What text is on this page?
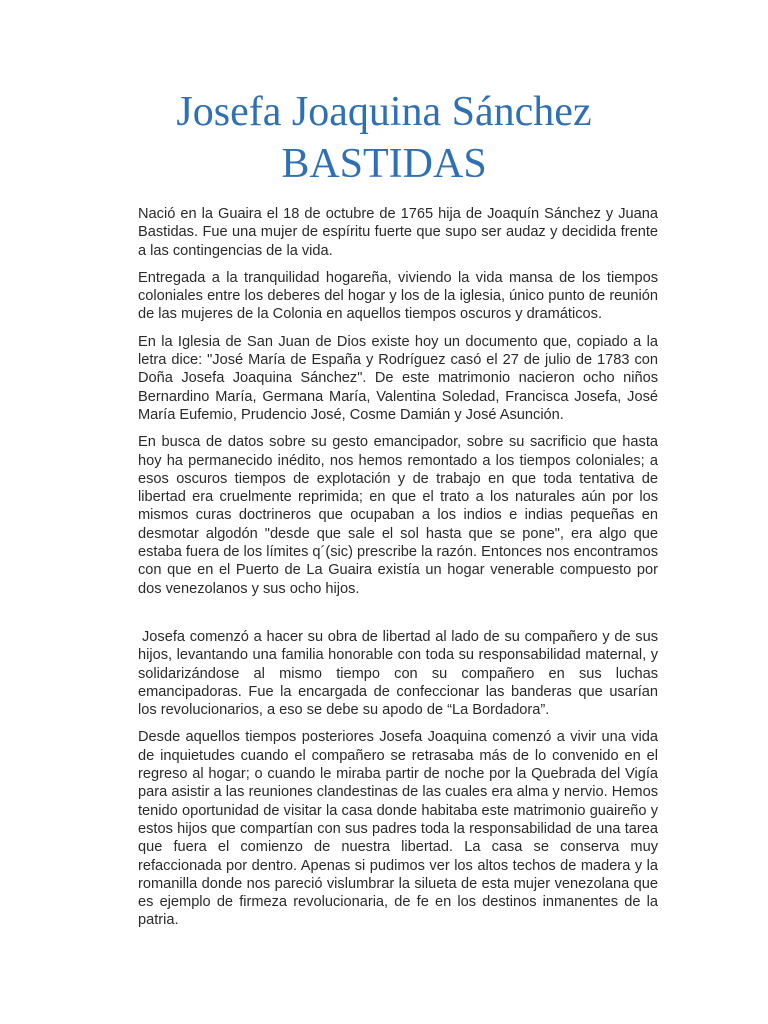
Josefa Joaquina Sánchez
BASTIDAS

Nació en la Guaira el 18 de octubre de 1765 hija de Joaquín Sánchez y Juana Bastidas. Fue una mujer de espíritu fuerte que supo ser audaz y decidida frente a las contingencias de la vida.

Entregada a la tranquilidad hogareña, viviendo la vida mansa de los tiempos coloniales entre los deberes del hogar y los de la iglesia, único punto de reunión de las mujeres de la Colonia en aquellos tiempos oscuros y dramáticos.

En la Iglesia de San Juan de Dios existe hoy un documento que, copiado a la letra dice: "José María de España y Rodríguez casó el 27 de julio de 1783 con Doña Josefa Joaquina Sánchez". De este matrimonio nacieron ocho niños Bernardino María, Germana María, Valentina Soledad, Francisca Josefa, José María Eufemio, Prudencio José, Cosme Damián y José Asunción.

En busca de datos sobre su gesto emancipador, sobre su sacrificio que hasta hoy ha permanecido inédito, nos hemos remontado a los tiempos coloniales; a esos oscuros tiempos de explotación y de trabajo en que toda tentativa de libertad era cruelmente reprimida; en que el trato a los naturales aún por los mismos curas doctrineros que ocupaban a los indios e indias pequeñas en desmotar algodón "desde que sale el sol hasta que se pone", era algo que estaba fuera de los límites q´(sic) prescribe la razón. Entonces nos encontramos con que en el Puerto de La Guaira existía un hogar venerable compuesto por dos venezolanos y sus ocho hijos.

Josefa comenzó a hacer su obra de libertad al lado de su compañero y de sus hijos, levantando una familia honorable con toda su responsabilidad maternal, y solidarizándose al mismo tiempo con su compañero en sus luchas emancipadoras. Fue la encargada de confeccionar las banderas que usarían los revolucionarios, a eso se debe su apodo de “La Bordadora”.

Desde aquellos tiempos posteriores Josefa Joaquina comenzó a vivir una vida de inquietudes cuando el compañero se retrasaba más de lo convenido en el regreso al hogar; o cuando le miraba partir de noche por la Quebrada del Vigía para asistir a las reuniones clandestinas de las cuales era alma y nervio. Hemos tenido oportunidad de visitar la casa donde habitaba este matrimonio guaireño y estos hijos que compartían con sus padres toda la responsabilidad de una tarea que fuera el comienzo de nuestra libertad. La casa se conserva muy refaccionada por dentro. Apenas si pudimos ver los altos techos de madera y la romanilla donde nos pareció vislumbrar la silueta de esta mujer venezolana que es ejemplo de firmeza revolucionaria, de fe en los destinos inmanentes de la patria.
